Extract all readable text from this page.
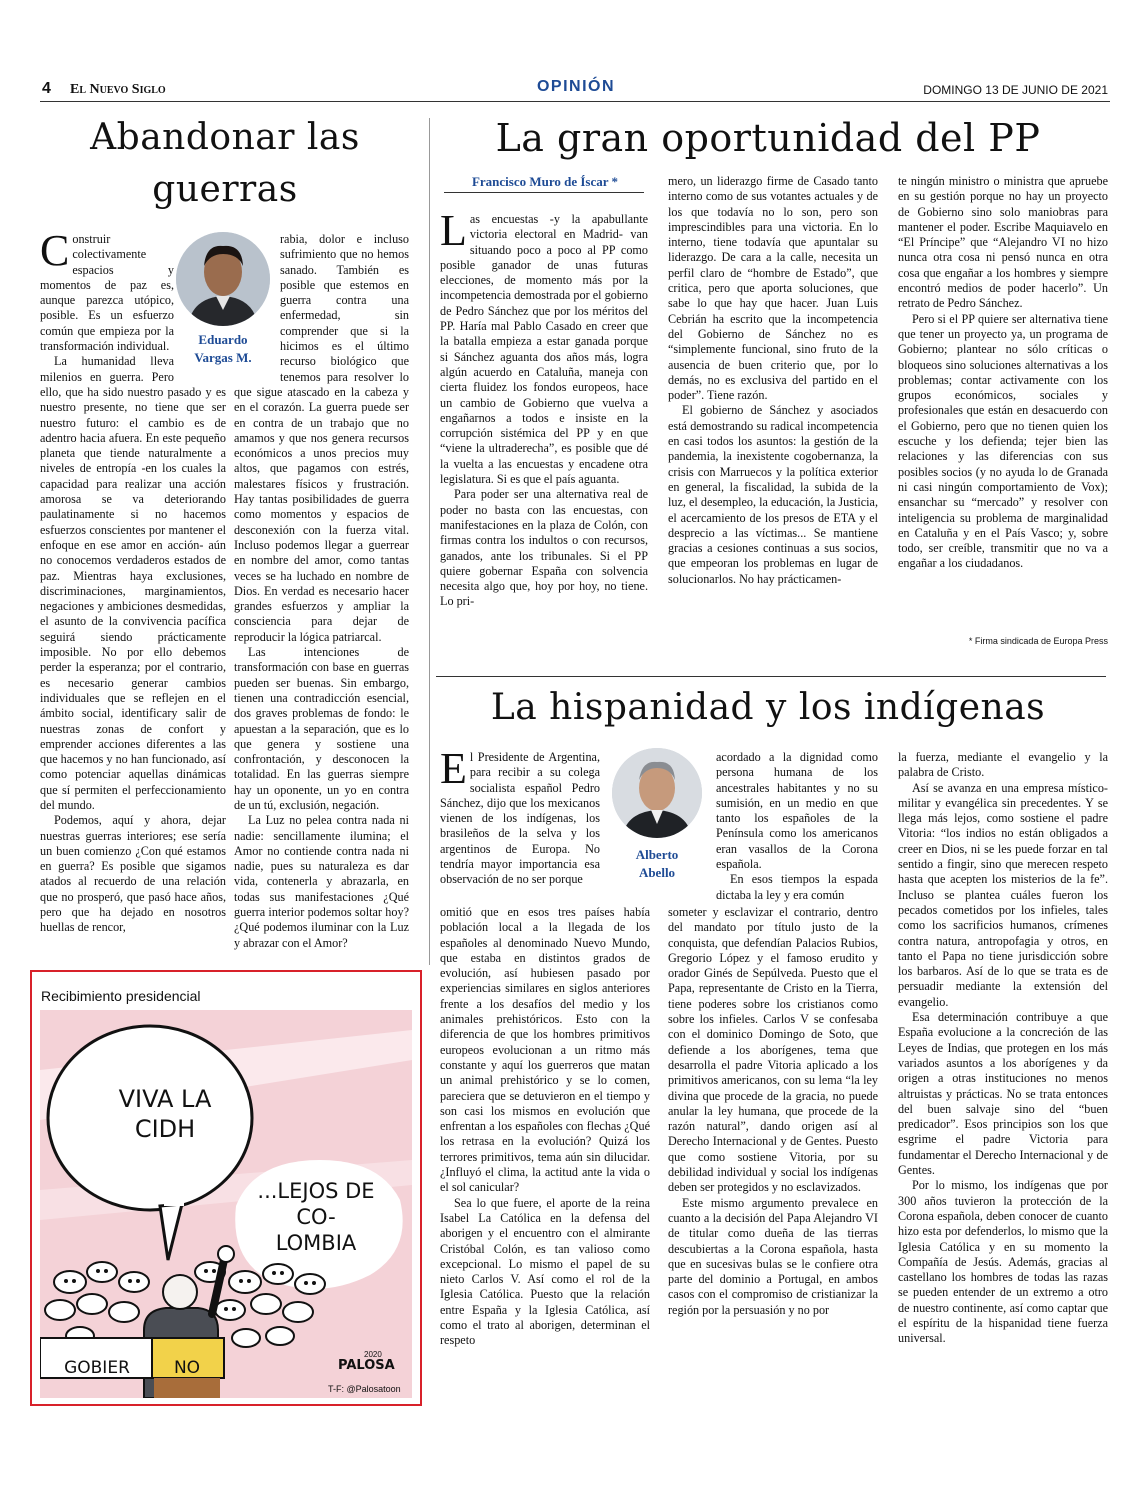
4 El Nuevo Siglo	OPINIÓN	DOMINGO 13 DE JUNIO DE 2021
Abandonar las guerras
Eduardo
Vargas M.
C onstruir colectivamente espacios y momentos de paz es, aunque parezca utópico, posible. Es un esfuerzo común que empieza por la transformación individual.

La humanidad lleva milenios en guerra. Pero ello, que ha sido nuestro pasado y es nuestro presente, no tiene que ser nuestro futuro: el cambio es de adentro hacia afuera. En este pequeño planeta que tiende naturalmente a niveles de entropía -en los cuales la capacidad para realizar una acción amorosa se va deteriorando paulatinamente si no hacemos esfuerzos conscientes por mantener el enfoque en ese amor en acción- aún no conocemos verdaderos estados de paz. Mientras haya exclusiones, discriminaciones, marginamientos, negaciones y ambiciones desmedidas, el asunto de la convivencia pacífica seguirá siendo prácticamente imposible. No por ello debemos perder la esperanza; por el contrario, es necesario generar cambios individuales que se reflejen en el ámbito social, identificary salir de nuestras zonas de confort y emprender acciones diferentes a las que hacemos y no han funcionado, así como potenciar aquellas dinámicas que sí permiten el perfeccionamiento del mundo.

Podemos, aquí y ahora, dejar nuestras guerras interiores; ese sería un buen comienzo ¿Con qué estamos en guerra? Es posible que sigamos atados al recuerdo de una relación que no prosperó, que pasó hace años, pero que ha dejado en nosotros huellas de rencor,

rabia, dolor e incluso sufrimiento que no hemos sanado. También es posible que estemos en guerra contra una enfermedad, sin comprender que si la hicimos es el último recurso biológico que tenemos para resolver lo que sigue atascado en la cabeza y en el corazón. La guerra puede ser en contra de un trabajo que no amamos y que nos genera recursos económicos a unos precios muy altos, que pagamos con estrés, malestares físicos y frustración. Hay tantas posibilidades de guerra como momentos y espacios de desconexión con la fuerza vital. Incluso podemos llegar a guerrear en nombre del amor, como tantas veces se ha luchado en nombre de Dios. En verdad es necesario hacer grandes esfuerzos y ampliar la consciencia para dejar de reproducir la lógica patriarcal.

Las intenciones de transformación con base en guerras pueden ser buenas. Sin embargo, tienen una contradicción esencial, dos graves problemas de fondo: le apuestan a la separación, que es lo que genera y sostiene una confrontación, y desconocen la totalidad. En las guerras siempre hay un oponente, un yo en contra de un tú, exclusión, negación.

La Luz no pelea contra nada ni nadie: sencillamente ilumina; el Amor no contiende contra nada ni nadie, pues su naturaleza es dar vida, contenerla y abrazarla, en todas sus manifestaciones ¿Qué guerra interior podemos soltar hoy? ¿Qué podemos iluminar con la Luz y abrazar con el Amor?

Recibimiento presidencial
VIVA LA CIDH
...LEJOS DE CO- LOMBIA
GOBIER	NO
2020
PALOSA
T-F: @Palosatoon
La gran oportunidad del PP
Francisco Muro de Íscar *
L as encuestas -y la apabullante victoria electoral en Madrid- van situando poco a poco al PP como posible ganador de unas futuras elecciones, de momento más por la incompetencia demostrada por el gobierno de Pedro Sánchez que por los méritos del PP. Haría mal Pablo Casado en creer que la batalla empieza a estar ganada porque si Sánchez aguanta dos años más, logra algún acuerdo en Cataluña, maneja con cierta fluidez los fondos europeos, hace un cambio de Gobierno que vuelva a engañarnos a todos e insiste en la corrupción sistémica del PP y en que “viene la ultraderecha”, es posible que dé la vuelta a las encuestas y encadene otra legislatura. Si es que el país aguanta.

Para poder ser una alternativa real de poder no basta con las encuestas, con manifestaciones en la plaza de Colón, con firmas contra los indultos o con recursos, ganados, ante los tribunales. Si el PP quiere gobernar España con solvencia necesita algo que, hoy por hoy, no tiene. Lo pri-

mero, un liderazgo firme de Casado tanto interno como de sus votantes actuales y de los que todavía no lo son, pero son imprescindibles para una victoria. En lo interno, tiene todavía que apuntalar su liderazgo. De cara a la calle, necesita un perfil claro de “hombre de Estado”, que critica, pero que aporta soluciones, que sabe lo que hay que hacer. Juan Luis Cebrián ha escrito que la incompetencia del Gobierno de Sánchez no es “simplemente funcional, sino fruto de la ausencia de buen criterio que, por lo demás, no es exclusiva del partido en el poder”. Tiene razón.

El gobierno de Sánchez y asociados está demostrando su radical incompetencia en casi todos los asuntos: la gestión de la pandemia, la inexistente cogobernanza, la crisis con Marruecos y la política exterior en general, la fiscalidad, la subida de la luz, el desempleo, la educación, la Justicia, el acercamiento de los presos de ETA y el desprecio a las víctimas... Se mantiene gracias a cesiones continuas a sus socios, que empeoran los problemas en lugar de solucionarlos. No hay prácticamen-

te ningún ministro o ministra que apruebe en su gestión porque no hay un proyecto de Gobierno sino solo maniobras para mantener el poder. Escribe Maquiavelo en “El Príncipe” que “Alejandro VI no hizo nunca otra cosa ni pensó nunca en otra cosa que engañar a los hombres y siempre encontró medios de poder hacerlo”. Un retrato de Pedro Sánchez.

Pero si el PP quiere ser alternativa tiene que tener un proyecto ya, un programa de Gobierno; plantear no sólo críticas o bloqueos sino soluciones alternativas a los problemas; contar activamente con los grupos económicos, sociales y profesionales que están en desacuerdo con el Gobierno, pero que no tienen quien los escuche y los defienda; tejer bien las relaciones y las diferencias con sus posibles socios (y no ayuda lo de Granada ni casi ningún comportamiento de Vox); ensanchar su “mercado” y resolver con inteligencia su problema de marginalidad en Cataluña y en el País Vasco; y, sobre todo, ser creíble, transmitir que no va a engañar a los ciudadanos.

* Firma sindicada de Europa Press
La hispanidad y los indígenas
Alberto
Abello
E l Presidente de Argentina, para recibir a su colega socialista español Pedro Sánchez, dijo que los mexicanos vienen de los indígenas, los brasileños de la selva y los argentinos de Europa. No tendría mayor importancia esa observación de no ser porque

omitió que en esos tres países había población local a la llegada de los españoles al denominado Nuevo Mundo, que estaba en distintos grados de evolución, así hubiesen pasado por experiencias similares en siglos anteriores frente a los desafíos del medio y los animales prehistóricos. Esto con la diferencia de que los hombres primitivos europeos evolucionan a un ritmo más constante y aquí los guerreros que matan un animal prehistórico y se lo comen, pareciera que se detuvieron en el tiempo y son casi los mismos en evolución que enfrentan a los españoles con flechas ¿Qué los retrasa en la evolución? Quizá los terrores primitivos, tema aún sin dilucidar. ¿Influyó el clima, la actitud ante la vida o el sol canicular?

Sea lo que fuere, el aporte de la reina Isabel La Católica en la defensa del aborigen y el encuentro con el almirante Cristóbal Colón, es tan valioso como excepcional. Lo mismo el papel de su nieto Carlos V. Así como el rol de la Iglesia Católica. Puesto que la relación entre España y la Iglesia Católica, así como el trato al aborigen, determinan el respeto

acordado a la dignidad como persona humana de los ancestrales habitantes y no su sumisión, en un medio en que tanto los españoles de la Península como los americanos eran vasallos de la Corona española.

En esos tiempos la espada dictaba la ley y era común

someter y esclavizar el contrario, dentro del mandato por título justo de la conquista, que defendían Palacios Rubios, Gregorio López y el famoso erudito y orador Ginés de Sepúlveda. Puesto que el Papa, representante de Cristo en la Tierra, tiene poderes sobre los cristianos como sobre los infieles. Carlos V se confesaba con el dominico Domingo de Soto, que defiende a los aborígenes, tema que desarrolla el padre Vitoria aplicado a los primitivos americanos, con su lema “la ley divina que procede de la gracia, no puede anular la ley humana, que procede de la razón natural”, dando origen así al Derecho Internacional y de Gentes. Puesto que como sostiene Vitoria, por su debilidad individual y social los indígenas deben ser protegidos y no esclavizados.

Este mismo argumento prevalece en cuanto a la decisión del Papa Alejandro VI de titular como dueña de las tierras descubiertas a la Corona española, hasta que en sucesivas bulas se le confiere otra parte del dominio a Portugal, en ambos casos con el compromiso de cristianizar la región por la persuasión y no por

la fuerza, mediante el evangelio y la palabra de Cristo.

Así se avanza en una empresa místico-militar y evangélica sin precedentes. Y se llega más lejos, como sostiene el padre Vitoria: “los indios no están obligados a creer en Dios, ni se les puede forzar en tal sentido a fingir, sino que merecen respeto hasta que acepten los misterios de la fe”. Incluso se plantea cuáles fueron los pecados cometidos por los infieles, tales como los sacrificios humanos, crímenes contra natura, antropofagia y otros, en tanto el Papa no tiene jurisdicción sobre los barbaros. Así de lo que se trata es de persuadir mediante la extensión del evangelio.

Esa determinación contribuye a que España evolucione a la concreción de las Leyes de Indias, que protegen en los más variados asuntos a los aborígenes y da origen a otras instituciones no menos altruistas y prácticas. No se trata entonces del buen salvaje sino del “buen predicador”. Esos principios son los que esgrime el padre Victoria para fundamentar el Derecho Internacional y de Gentes.

Por lo mismo, los indígenas que por 300 años tuvieron la protección de la Corona española, deben conocer de cuanto hizo esta por defenderlos, lo mismo que la Iglesia Católica y en su momento la Compañía de Jesús. Además, gracias al castellano los hombres de todas las razas se pueden entender de un extremo a otro de nuestro continente, así como captar que el espíritu de la hispanidad tiene fuerza universal.
